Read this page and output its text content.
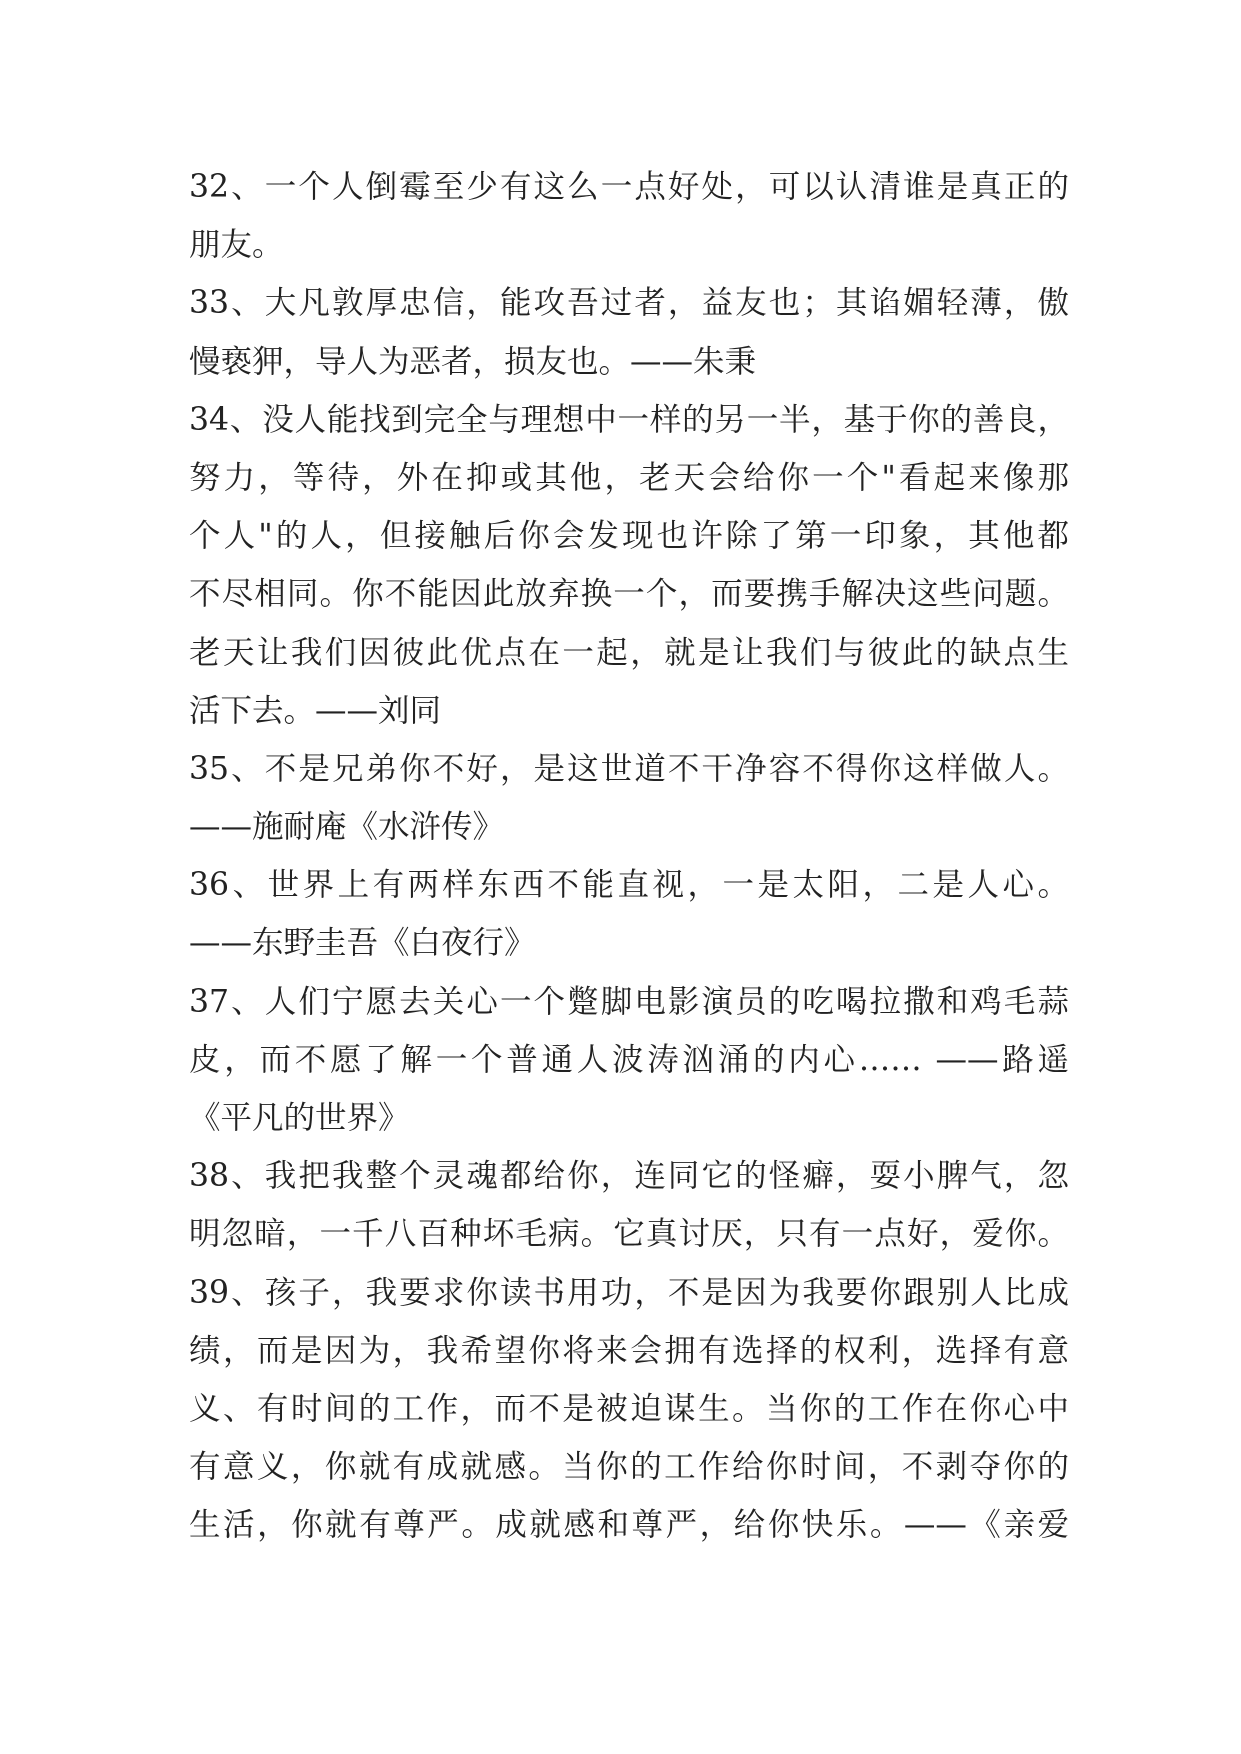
32、一个人倒霉至少有这么一点好处，可以认清谁是真正的
朋友。
33、大凡敦厚忠信，能攻吾过者，益友也；其谄媚轻薄，傲
慢亵狎，导人为恶者，损友也。——朱秉
34、没人能找到完全与理想中一样的另一半，基于你的善良，
努力，等待，外在抑或其他，老天会给你一个"看起来像那
个人"的人，但接触后你会发现也许除了第一印象，其他都
不尽相同。你不能因此放弃换一个，而要携手解决这些问题。
老天让我们因彼此优点在一起，就是让我们与彼此的缺点生
活下去。——刘同
35、不是兄弟你不好，是这世道不干净容不得你这样做人。
——施耐庵《水浒传》
36、世界上有两样东西不能直视，一是太阳，二是人心。
——东野圭吾《白夜行》
37、人们宁愿去关心一个蹩脚电影演员的吃喝拉撒和鸡毛蒜
皮，而不愿了解一个普通人波涛汹涌的内心…… ——路遥
《平凡的世界》
38、我把我整个灵魂都给你，连同它的怪癖，耍小脾气，忽
明忽暗，一千八百种坏毛病。它真讨厌，只有一点好，爱你。
39、孩子，我要求你读书用功，不是因为我要你跟别人比成
绩，而是因为，我希望你将来会拥有选择的权利，选择有意
义、有时间的工作，而不是被迫谋生。当你的工作在你心中
有意义，你就有成就感。当你的工作给你时间，不剥夺你的
生活，你就有尊严。成就感和尊严，给你快乐。——《亲爱
